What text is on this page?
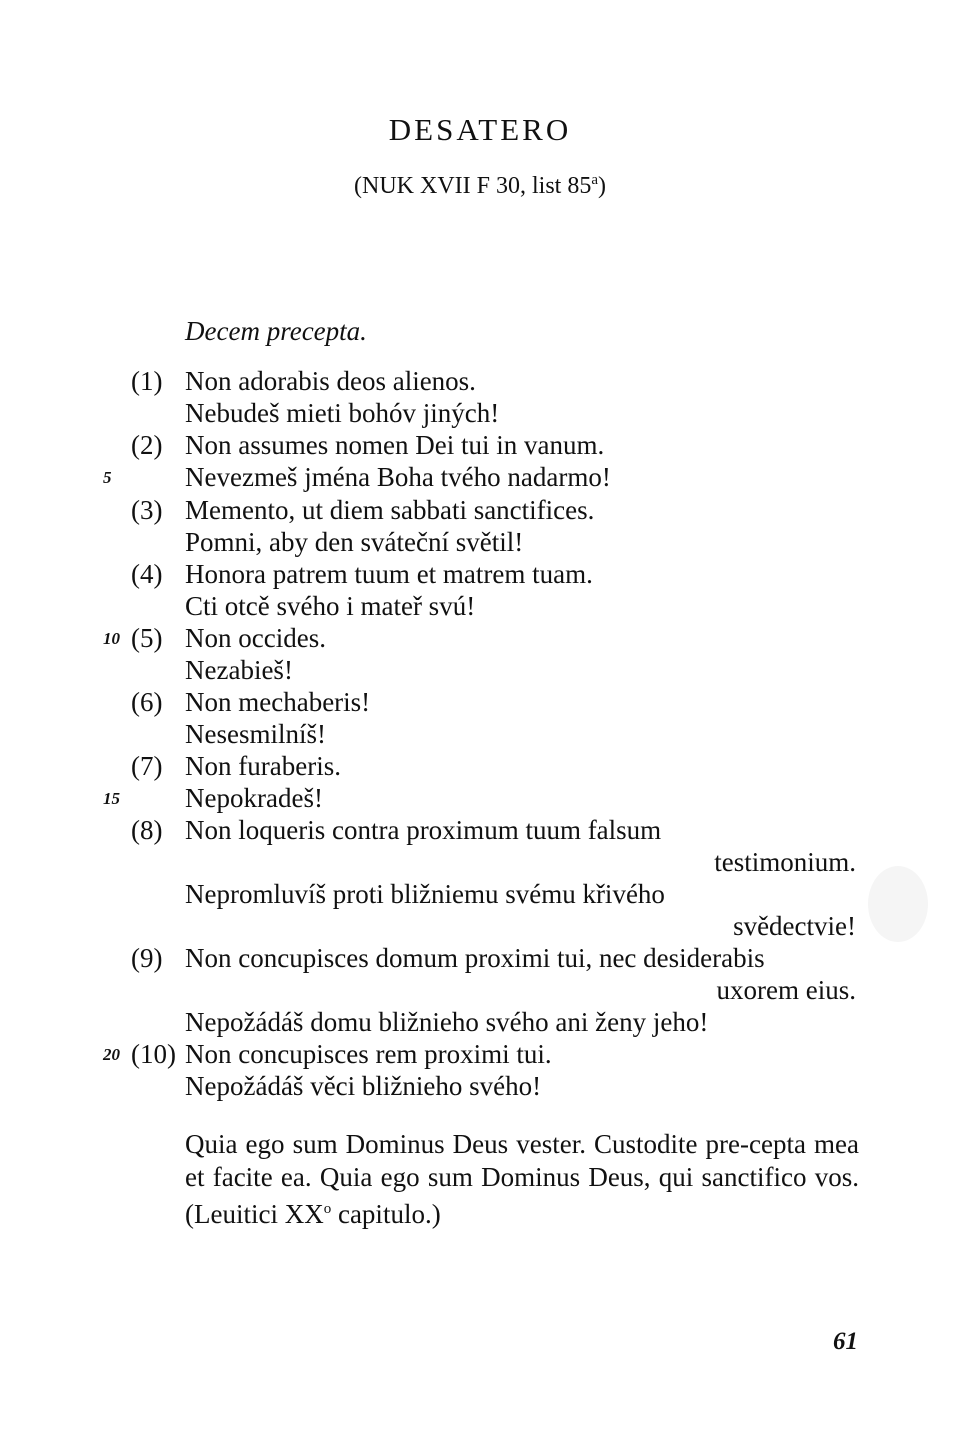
DESATERO
(NUK XVII F 30, list 85$^a$)
Decem precepta.
(1) Non adorabis deos alienos.
Nebudeš mieti bohóv jiných!
(2) Non assumes nomen Dei tui in vanum.
5	Nevezmeš jména Boha tvého nadarmo!
(3) Memento, ut diem sabbati sanctifices.
Pomni, aby den sváteční světil!
(4) Honora patrem tuum et matrem tuam.
Cti otcě svého i mateř svú!
10 (5) Non occides.
Nezabieš!
(6) Non mechaberis!
Nesesmilníš!
(7) Non furaberis.
15 Nepokradeš!
(8) Non loqueris contra proximum tuum falsum
testimonium.
Nepromluvíš proti bližniemu svému křivého
svědectvie!
(9) Non concupisces domum proximi tui, nec desiderabis
uxorem eius.
Nepožádáš domu bližnieho svého ani ženy jeho!
20 (10) Non concupisces rem proximi tui.
Nepožádáš věci bližnieho svého!
Quia ego sum Dominus Deus vester. Custodite pre-cepta mea et facite ea. Quia ego sum Dominus Deus, qui sanctifico vos. (Leuitici $XX^o$ capitulo.)
61
